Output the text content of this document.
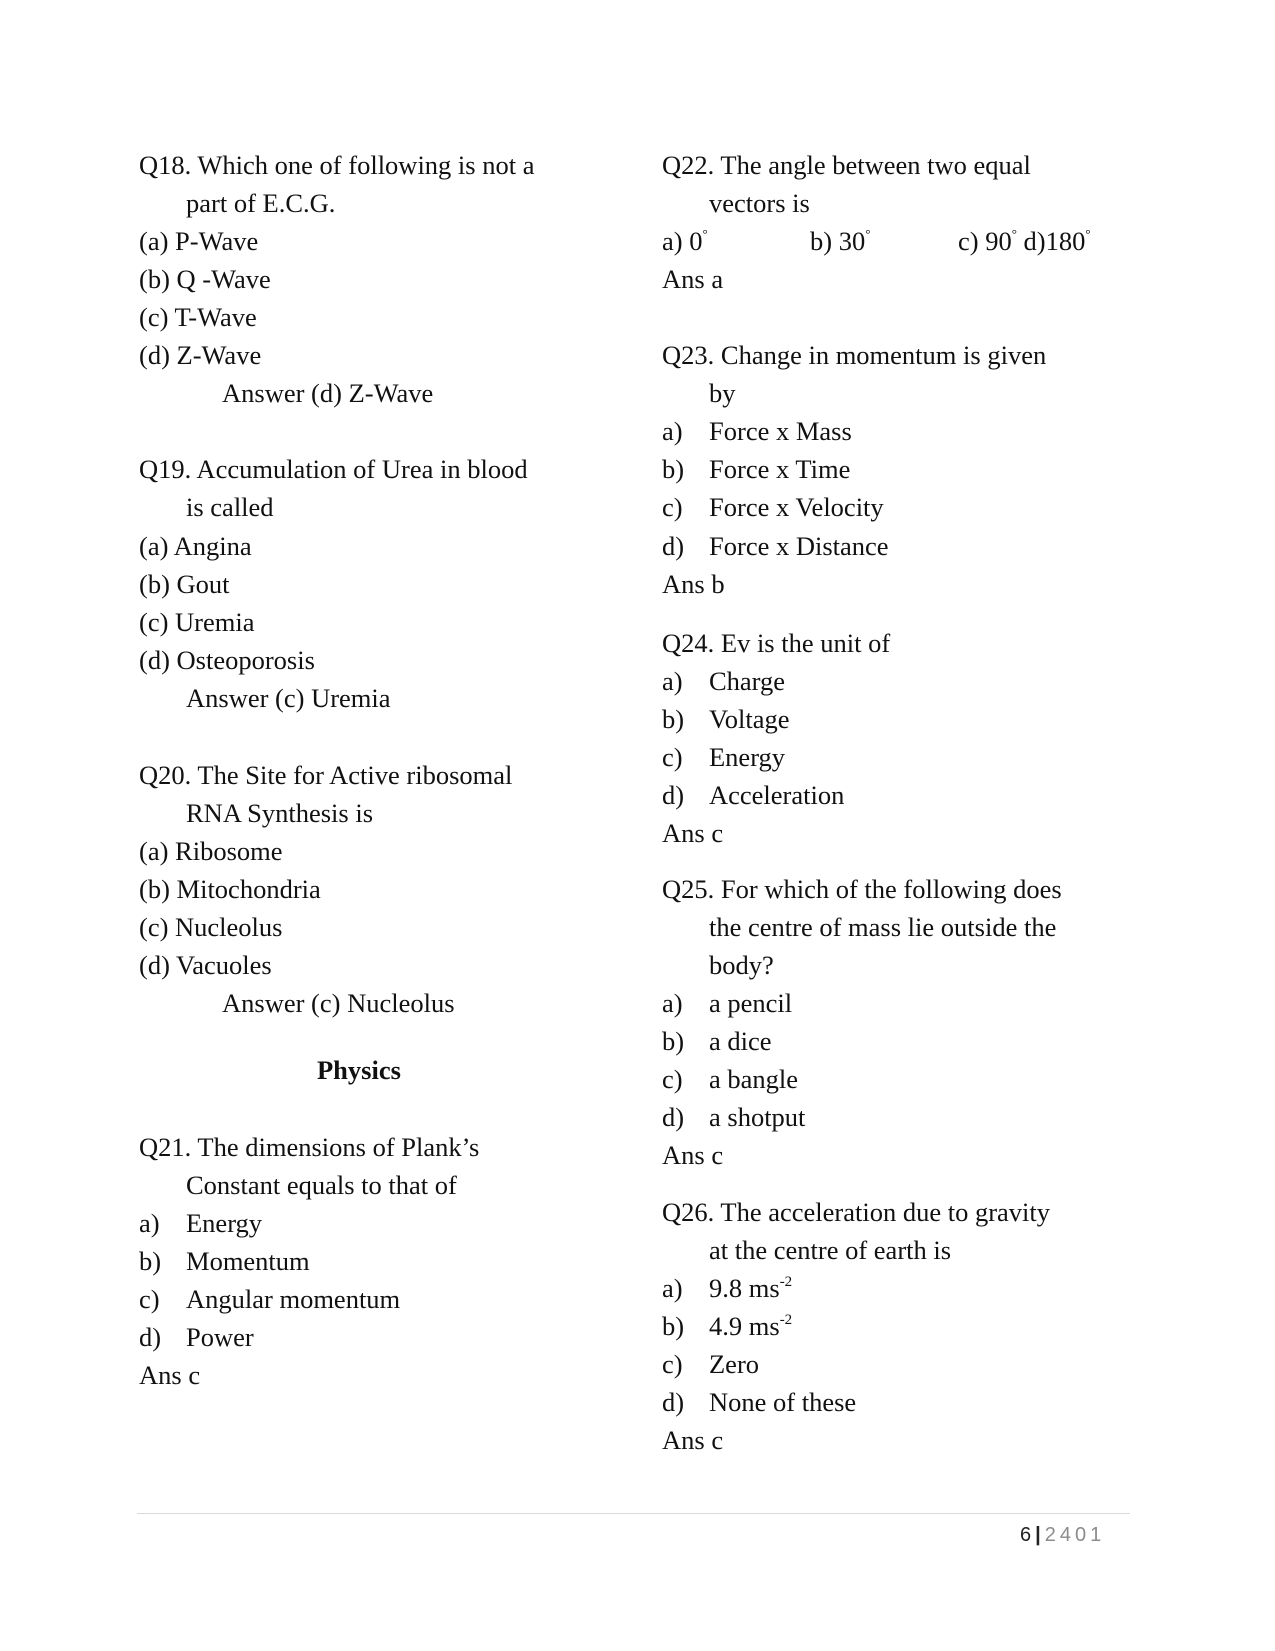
Q18. Which one of following is not a
part of E.C.G.
(a) P-Wave
(b) Q -Wave
(c) T-Wave
(d) Z-Wave
Answer (d) Z-Wave
Q19. Accumulation of Urea in blood
is called
(a) Angina
(b) Gout
(c) Uremia
(d) Osteoporosis
Answer (c) Uremia
Q20. The Site for Active ribosomal
RNA Synthesis is
(a) Ribosome
(b) Mitochondria
(c) Nucleolus
(d) Vacuoles
Answer (c) Nucleolus
Physics
Q21. The dimensions of Plank’s
Constant equals to that of
a) Energy
b) Momentum
c) Angular momentum
d) Power
Ans c
Q22. The angle between two equal
vectors is
a) 0°	b) 30°	c) 90° d)180°
Ans a
Q23. Change in momentum is given
by
a) Force x Mass
b) Force x Time
c) Force x Velocity
d) Force x Distance
Ans b
Q24. Ev is the unit of
a) Charge
b) Voltage
c) Energy
d) Acceleration
Ans c
Q25. For which of the following does
the centre of mass lie outside the
body?
a) a pencil
b) a dice
c) a bangle
d) a shotput
Ans c
Q26. The acceleration due to gravity
at the centre of earth is
a) 9.8 $ms^{-2}$
b) 4.9 $ms^{-2}$
c) Zero
d) None of these
Ans c
6 | 2401
